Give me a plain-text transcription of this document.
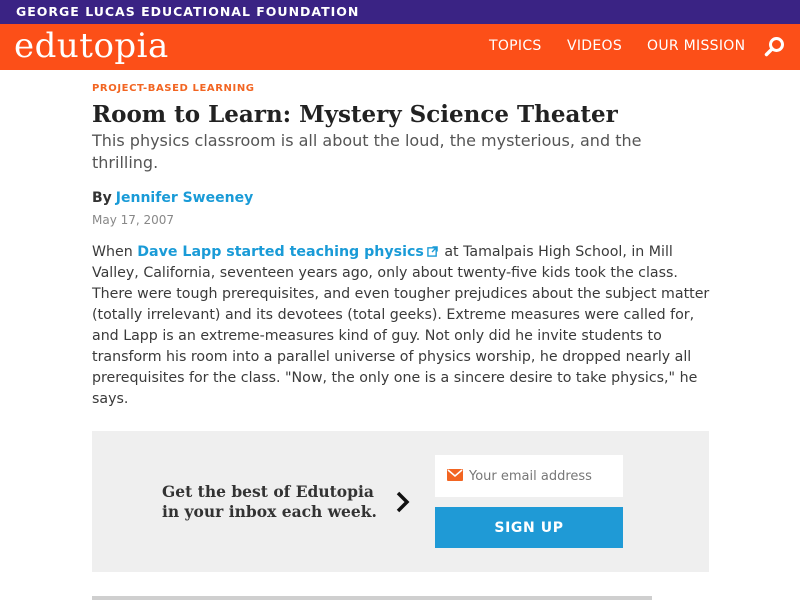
GEORGE LUCAS EDUCATIONAL FOUNDATION
edutopia	TOPICS VIDEOS OUR MISSION
PROJECT-BASED LEARNING
Room to Learn: Mystery Science Theater

This physics classroom is all about the loud, the mysterious, and the thrilling.

By Jennifer Sweeney
May 17, 2007

When Dave Lapp started teaching physics at Tamalpais High School, in Mill Valley, California, seventeen years ago, only about twenty-five kids took the class. There were tough prerequisites, and even tougher prejudices about the subject matter (totally irrelevant) and its devotees (total geeks). Extreme measures were called for, and Lapp is an extreme-measures kind of guy. Not only did he invite students to transform his room into a parallel universe of physics worship, he dropped nearly all prerequisites for the class. "Now, the only one is a sincere desire to take physics," he says.

Get the best of Edutopia in your inbox each week.
Your email address
SIGN UP
